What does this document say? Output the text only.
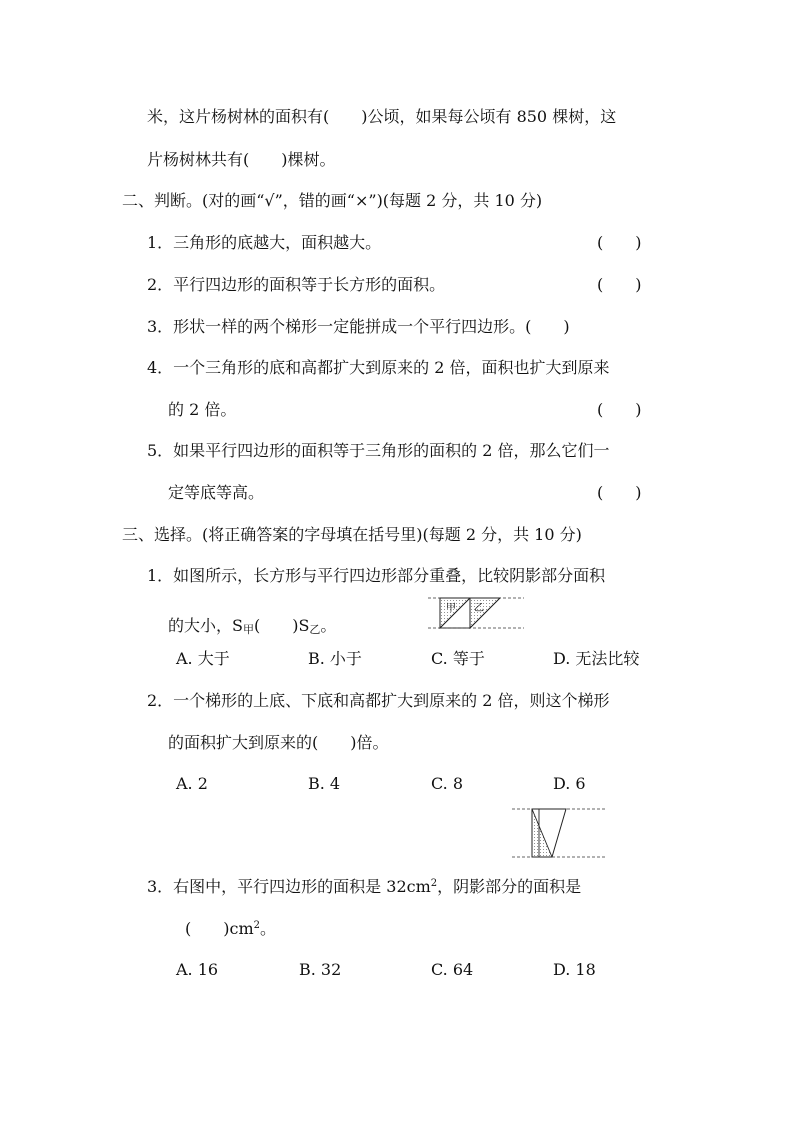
米，这片杨树林的面积有(　　)公顷，如果每公顷有 850 棵树，这
片杨树林共有(　　)棵树。
二、判断。(对的画“√”，错的画“×”)(每题 2 分，共 10 分)
1．三角形的底越大，面积越大。	(　　)
2．平行四边形的面积等于长方形的面积。	(　　)
3．形状一样的两个梯形一定能拼成一个平行四边形。(　　)
4．一个三角形的底和高都扩大到原来的 2 倍，面积也扩大到原来
的 2 倍。	(　　)
5．如果平行四边形的面积等于三角形的面积的 2 倍，那么它们一
定等底等高。	(　　)
三、选择。(将正确答案的字母填在括号里)(每题 2 分，共 10 分)
1．如图所示，长方形与平行四边形部分重叠，比较阴影部分面积
的大小，$S_甲$(　　)$S_乙$。
甲 乙
A. 大于	B. 小于	C. 等于	D. 无法比较
2．一个梯形的上底、下底和高都扩大到原来的 2 倍，则这个梯形
的面积扩大到原来的(　　)倍。
A. 2	B. 4	C. 8	D. 6
3．右图中，平行四边形的面积是 $32cm^2$，阴影部分的面积是
(　　)$cm^2$。
A. 16	B. 32	C. 64	D. 18
